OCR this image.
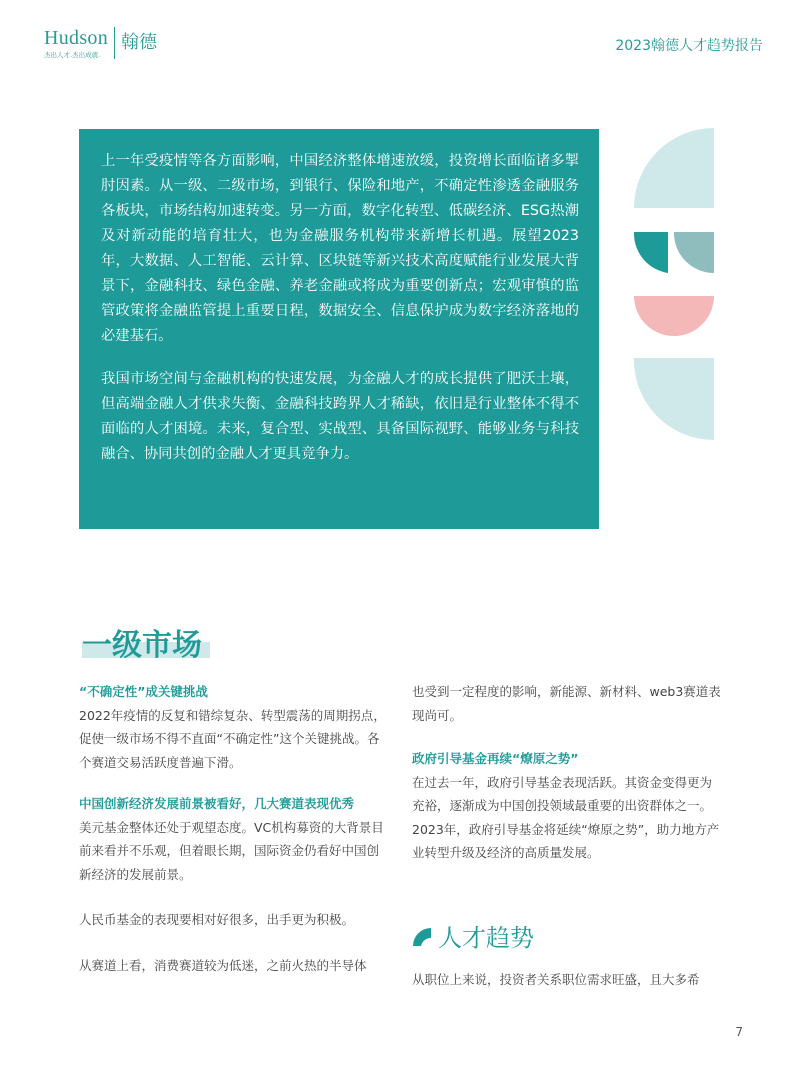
Hudson 翰德
杰出人才.杰出成就.
2023翰德人才趋势报告

上一年受疫情等各方面影响，中国经济整体增速放缓，投资增长面临诸多掣肘因素。从一级、二级市场，到银行、保险和地产，不确定性渗透金融服务各板块，市场结构加速转变。另一方面，数字化转型、低碳经济、ESG热潮及对新动能的培育壮大，也为金融服务机构带来新增长机遇。展望2023年，大数据、人工智能、云计算、区块链等新兴技术高度赋能行业发展大背景下，金融科技、绿色金融、养老金融或将成为重要创新点；宏观审慎的监管政策将金融监管提上重要日程，数据安全、信息保护成为数字经济落地的必建基石。

我国市场空间与金融机构的快速发展，为金融人才的成长提供了肥沃土壤，但高端金融人才供求失衡、金融科技跨界人才稀缺，依旧是行业整体不得不面临的人才困境。未来，复合型、实战型、具备国际视野、能够业务与科技融合、协同共创的金融人才更具竞争力。

一级市场

“不确定性”成关键挑战

2022年疫情的反复和错综复杂、转型震荡的周期拐点，促使一级市场不得不直面“不确定性”这个关键挑战。各个赛道交易活跃度普遍下滑。

中国创新经济发展前景被看好，几大赛道表现优秀

美元基金整体还处于观望态度。VC机构募资的大背景目前来看并不乐观，但着眼长期，国际资金仍看好中国创新经济的发展前景。

人民币基金的表现要相对好很多，出手更为积极。

从赛道上看，消费赛道较为低迷，之前火热的半导体

也受到一定程度的影响，新能源、新材料、web3赛道表现尚可。

政府引导基金再续“燎原之势”

在过去一年，政府引导基金表现活跃。其资金变得更为充裕，逐渐成为中国创投领域最重要的出资群体之一。2023年，政府引导基金将延续“燎原之势”，助力地方产业转型升级及经济的高质量发展。

人才趋势

从职位上来说，投资者关系职位需求旺盛，且大多希

7
